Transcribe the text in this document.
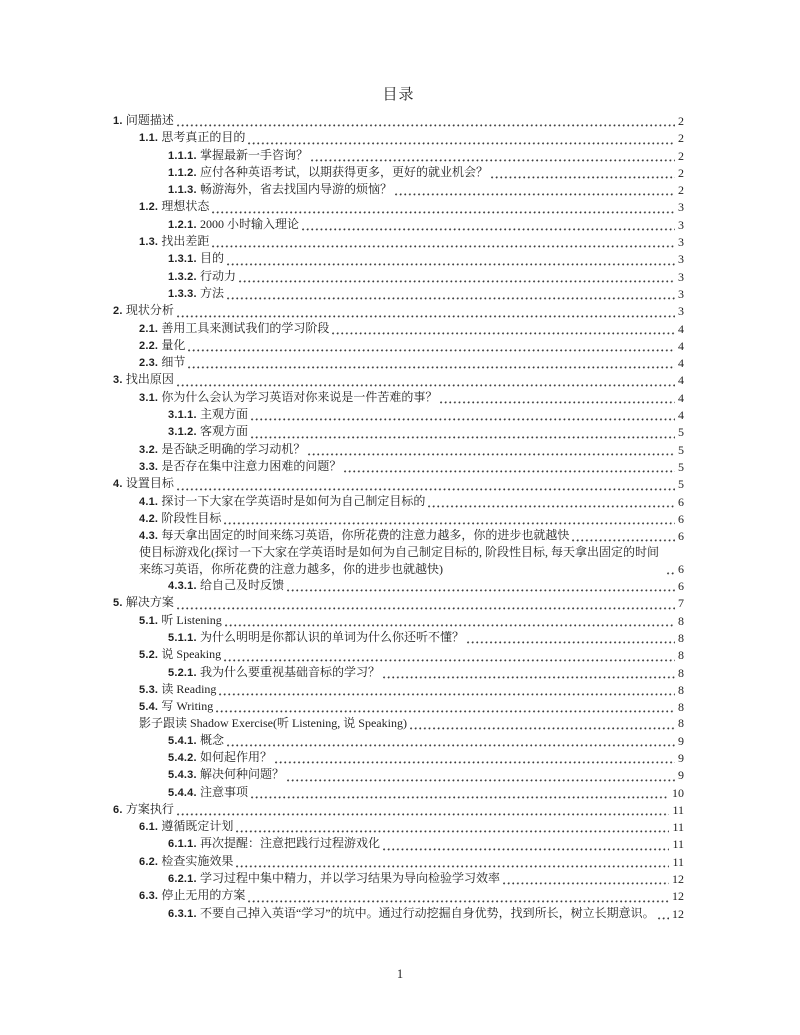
目录
1. 问题描述	2
1.1. 思考真正的目的	2
1.1.1. 掌握最新一手咨询？	2
1.1.2. 应付各种英语考试，以期获得更多，更好的就业机会？	2
1.1.3. 畅游海外，省去找国内导游的烦恼？	2
1.2. 理想状态	3
1.2.1. 2000 小时输入理论	3
1.3. 找出差距	3
1.3.1. 目的	3
1.3.2. 行动力	3
1.3.3. 方法	3
2. 现状分析	3
2.1. 善用工具来测试我们的学习阶段	4
2.2. 量化	4
2.3. 细节	4
3. 找出原因	4
3.1. 你为什么会认为学习英语对你来说是一件苦难的事？	4
3.1.1. 主观方面	4
3.1.2. 客观方面	5
3.2. 是否缺乏明确的学习动机？	5
3.3. 是否存在集中注意力困难的问题？	5
4. 设置目标	5
4.1. 探讨一下大家在学英语时是如何为自己制定目标的	6
4.2. 阶段性目标	6
4.3. 每天拿出固定的时间来练习英语，你所花费的注意力越多，你的进步也就越快	6
使目标游戏化(探讨一下大家在学英语时是如何为自己制定目标的, 阶段性目标, 每天拿出固定的时间来练习英语，你所花费的注意力越多，你的进步也就越快)	6
4.3.1. 给自己及时反馈	6
5. 解决方案	7
5.1. 听 Listening	8
5.1.1. 为什么明明是你都认识的单词为什么你还听不懂？	8
5.2. 说 Speaking	8
5.2.1. 我为什么要重视基础音标的学习？	8
5.3. 读 Reading	8
5.4. 写 Writing	8
影子跟读 Shadow Exercise(听 Listening, 说 Speaking)	8
5.4.1. 概念	9
5.4.2. 如何起作用？	9
5.4.3. 解决何种问题？	9
5.4.4. 注意事项	10
6. 方案执行	11
6.1. 遵循既定计划	11
6.1.1. 再次提醒：注意把践行过程游戏化	11
6.2. 检查实施效果	11
6.2.1. 学习过程中集中精力，并以学习结果为导向检验学习效率	12
6.3. 停止无用的方案	12
6.3.1. 不要自己掉入英语“学习”的坑中。通过行动挖掘自身优势，找到所长，树立长期意识。 12
1
